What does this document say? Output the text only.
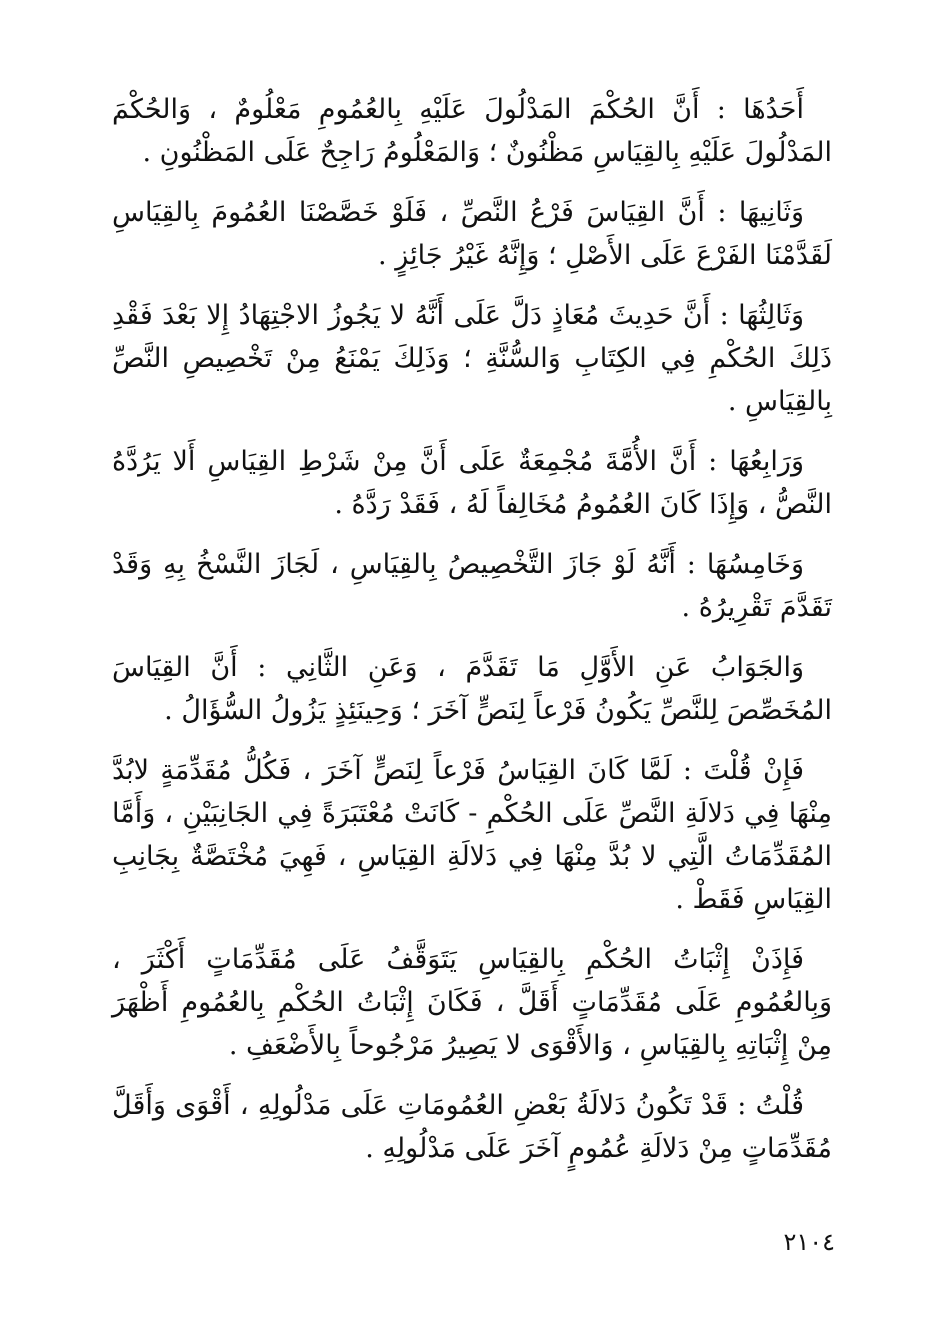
أَحَدُهَا : أَنَّ الحُكْمَ المَدْلُولَ عَلَيْهِ بِالعُمُومِ مَعْلُومٌ ، وَالحُكْمَ المَدْلُولَ عَلَيْهِ بِالقِيَاسِ مَظْنُونٌ ؛ وَالمَعْلُومُ رَاجِحٌ عَلَى المَظْنُونِ .

وَثَانِيهَا : أَنَّ القِيَاسَ فَرْعُ النَّصِّ ، فَلَوْ خَصَّصْنَا العُمُومَ بِالقِيَاسِ لَقَدَّمْنَا الفَرْعَ عَلَى الأَصْلِ ؛ وَإِنَّهُ غَيْرُ جَائِزٍ .

وَثَالِثُهَا : أَنَّ حَدِيثَ مُعَاذٍ دَلَّ عَلَى أَنَّهُ لا يَجُوزُ الاجْتِهَادُ إِلا بَعْدَ فَقْدِ ذَلِكَ الحُكْمِ فِي الكِتَابِ وَالسُّنَّةِ ؛ وَذَلِكَ يَمْنَعُ مِنْ تَخْصِيصِ النَّصِّ بِالقِيَاسِ .

وَرَابِعُهَا : أَنَّ الأُمَّةَ مُجْمِعَةٌ عَلَى أَنَّ مِنْ شَرْطِ القِيَاسِ أَلا يَرُدَّهُ النَّصُّ ، وَإِذَا كَانَ العُمُومُ مُخَالِفاً لَهُ ، فَقَدْ رَدَّهُ .

وَخَامِسُهَا : أَنَّهُ لَوْ جَازَ التَّخْصِيصُ بِالقِيَاسِ ، لَجَازَ النَّسْخُ بِهِ وَقَدْ تَقَدَّمَ تَقْرِيرُهُ .

وَالجَوَابُ عَنِ الأَوَّلِ مَا تَقَدَّمَ ، وَعَنِ الثَّانِي : أَنَّ القِيَاسَ المُخَصِّصَ لِلنَّصِّ يَكُونُ فَرْعاً لِنَصٍّ آخَرَ ؛ وَحِينَئِذٍ يَزُولُ السُّؤَالُ .

فَإِنْ قُلْتَ : لَمَّا كَانَ القِيَاسُ فَرْعاً لِنَصٍّ آخَرَ ، فَكُلُّ مُقَدِّمَةٍ لابُدَّ مِنْهَا فِي دَلالَةِ النَّصِّ عَلَى الحُكْمِ - كَانَتْ مُعْتَبَرَةً فِي الجَانِبَيْنِ ، وَأَمَّا المُقَدِّمَاتُ الَّتِي لا بُدَّ مِنْهَا فِي دَلالَةِ القِيَاسِ ، فَهِيَ مُخْتَصَّةٌ بِجَانِبِ القِيَاسِ فَقَطْ .

فَإِذَنْ إِثْبَاتُ الحُكْمِ بِالقِيَاسِ يَتَوَقَّفُ عَلَى مُقَدِّمَاتٍ أَكْثَرَ ، وَبِالعُمُومِ عَلَى مُقَدِّمَاتٍ أَقَلَّ ، فَكَانَ إِثْبَاتُ الحُكْمِ بِالعُمُومِ أَظْهَرَ مِنْ إِثْبَاتِهِ بِالقِيَاسِ ، وَالأَقْوَى لا يَصِيرُ مَرْجُوحاً بِالأَضْعَفِ .

قُلْتُ : قَدْ تَكُونُ دَلالَةُ بَعْضِ العُمُومَاتِ عَلَى مَدْلُولِهِ ، أَقْوَى وَأَقَلَّ مُقَدِّمَاتٍ مِنْ دَلالَةِ عُمُومٍ آخَرَ عَلَى مَدْلُولِهِ .

٢١٠٤
